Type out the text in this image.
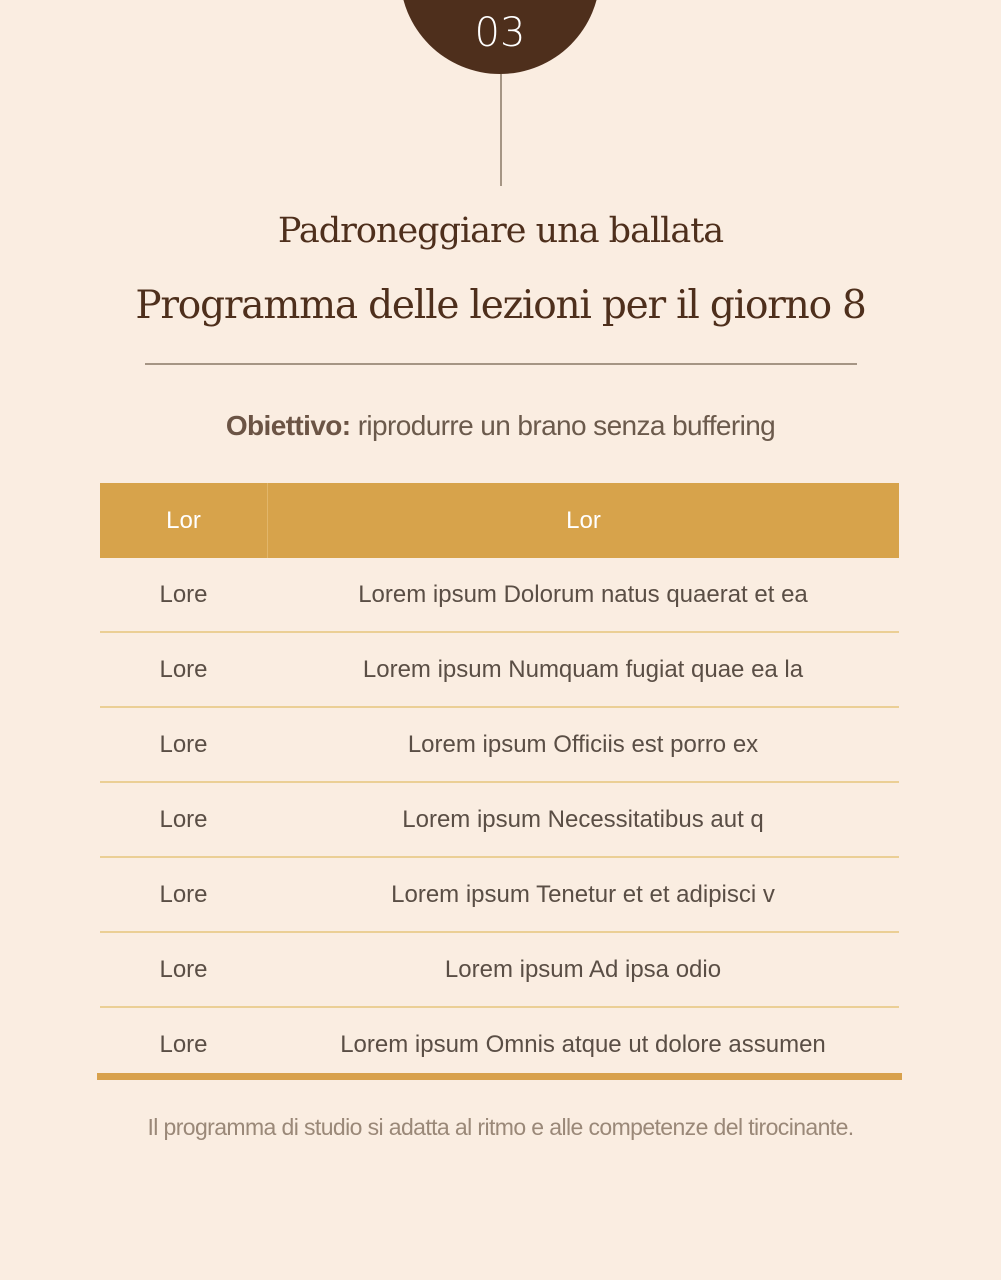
03
Padroneggiare una ballata
Programma delle lezioni per il giorno 8
Obiettivo: riprodurre un brano senza buffering
Lor	Lor
Lore	Lorem ipsum Dolorum natus quaerat et ea
Lore	Lorem ipsum Numquam fugiat quae ea la
Lore	Lorem ipsum Officiis est porro ex
Lore	Lorem ipsum Necessitatibus aut q
Lore	Lorem ipsum Tenetur et et adipisci v
Lore	Lorem ipsum Ad ipsa odio
Lore	Lorem ipsum Omnis atque ut dolore assumen
Il programma di studio si adatta al ritmo e alle competenze del tirocinante.
